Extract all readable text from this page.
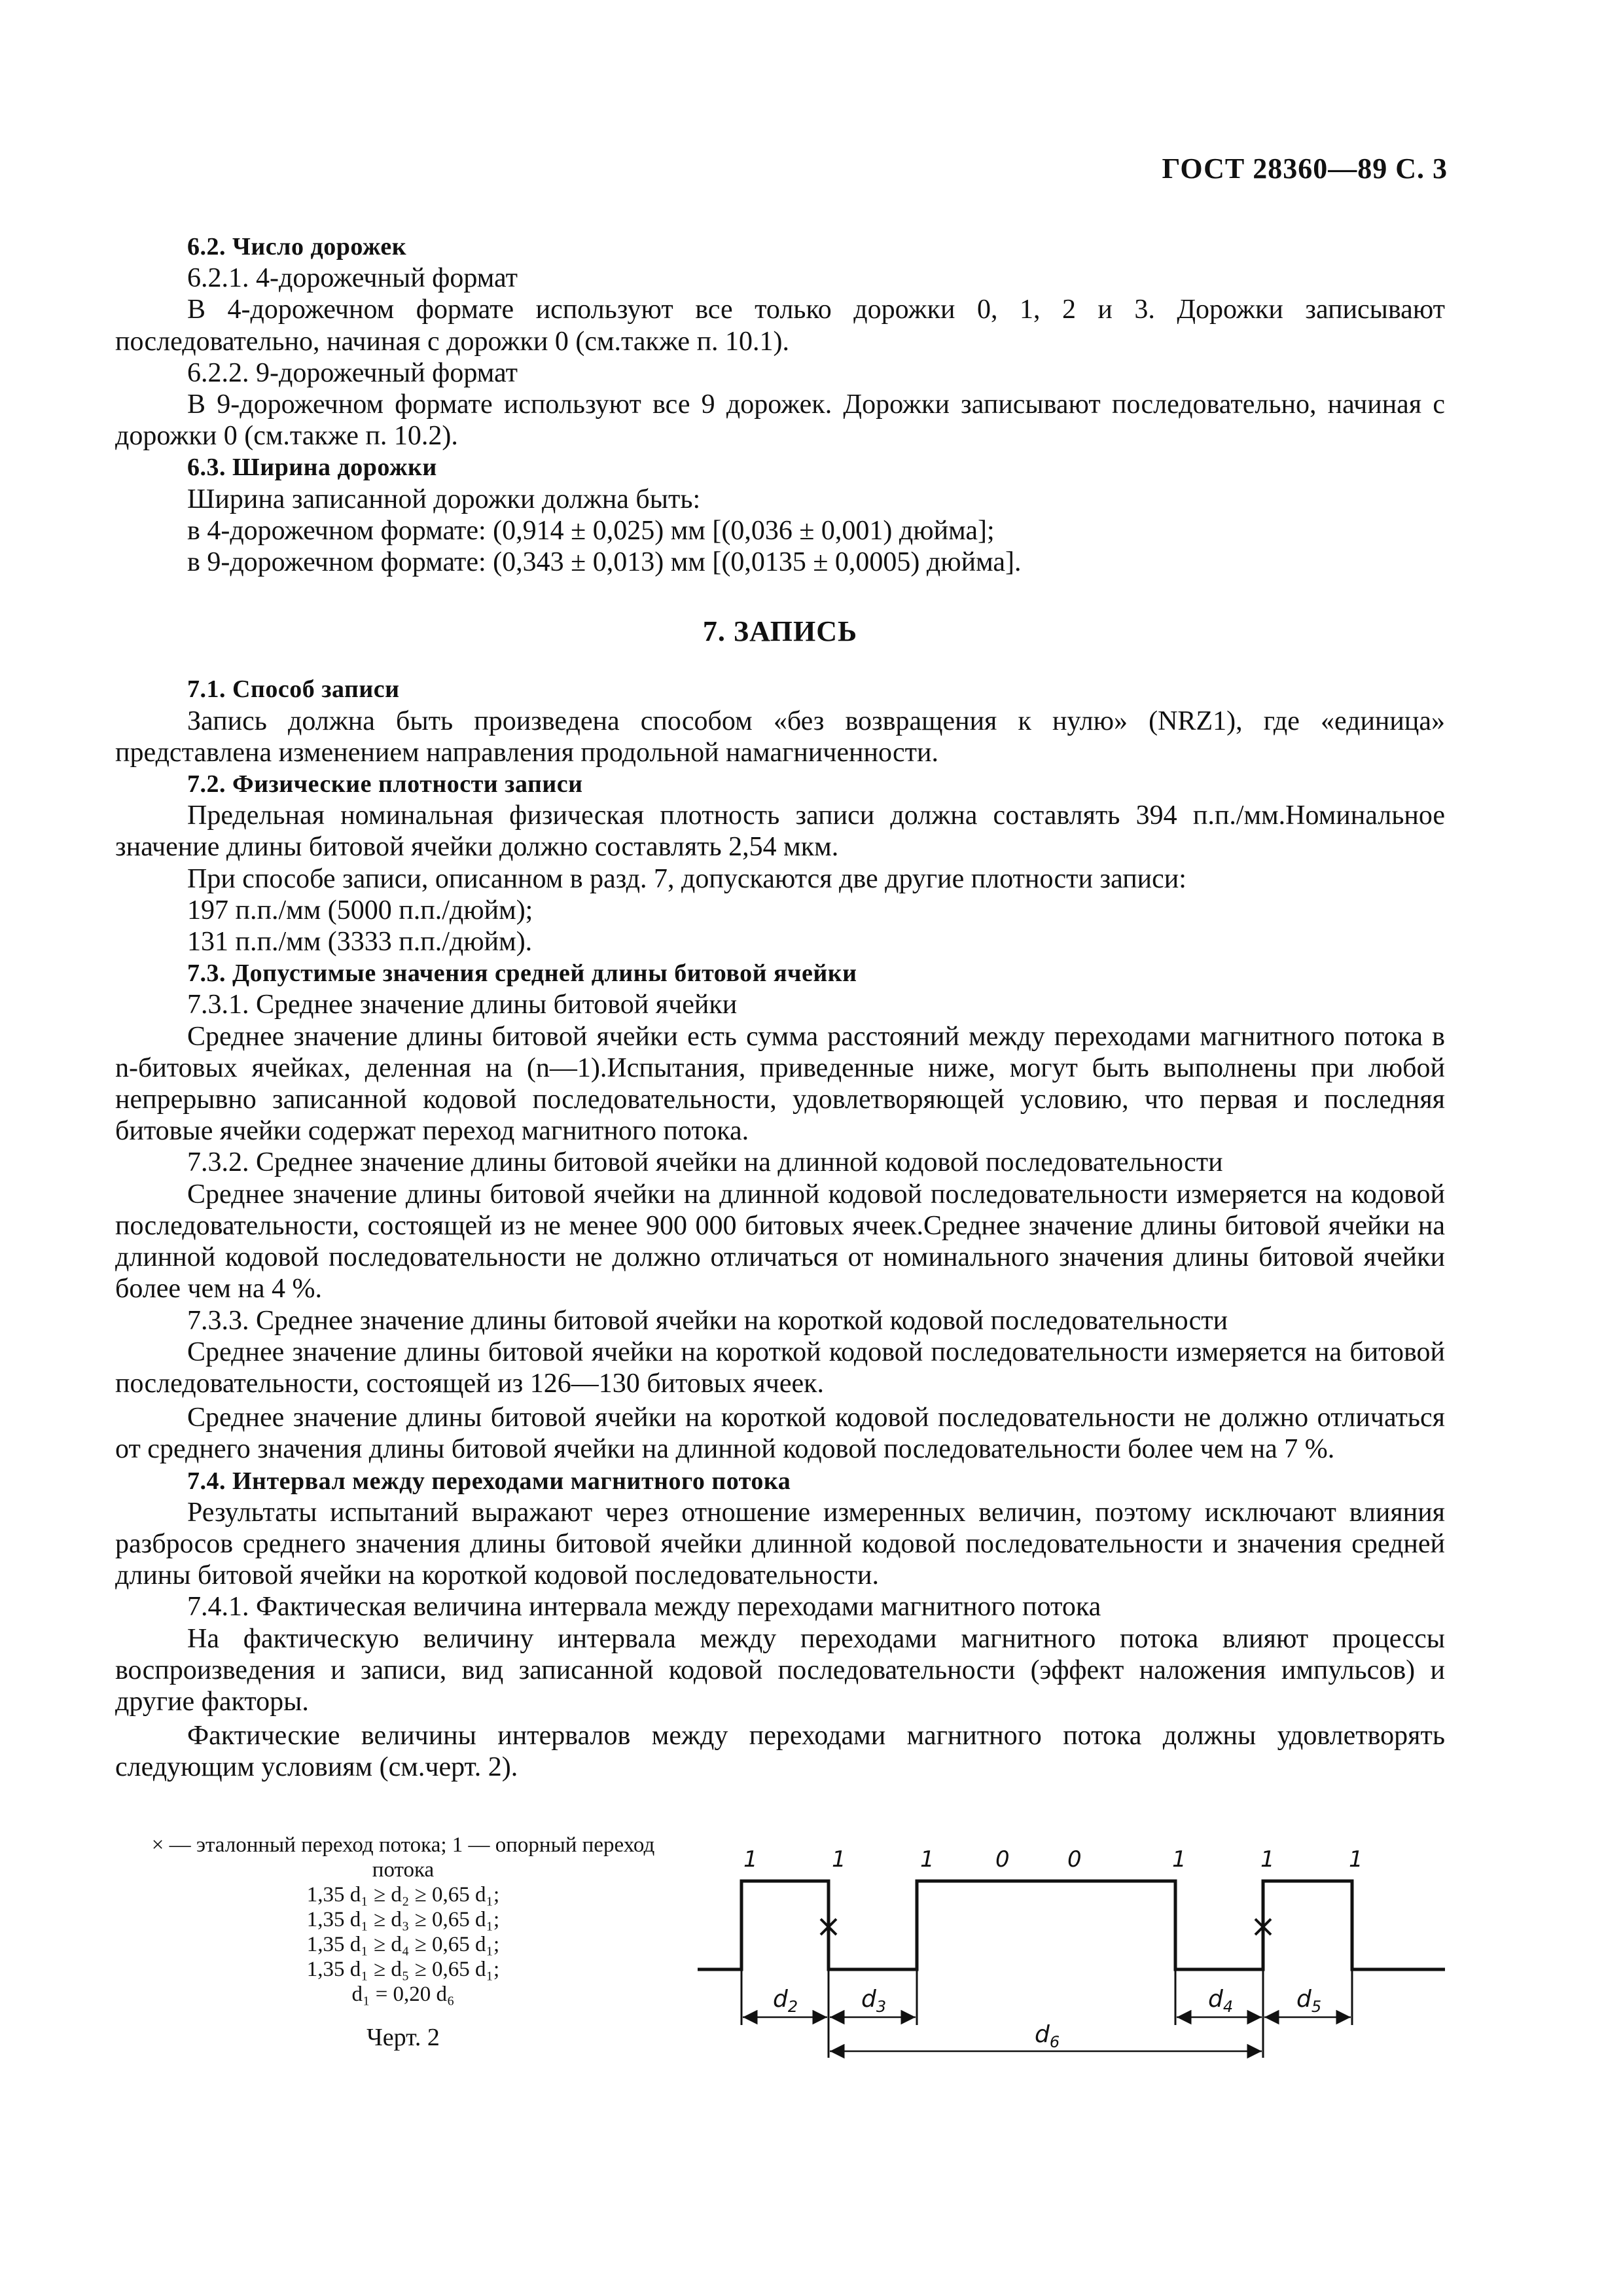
ГОСТ 28360—89 С. 3

6.2. Число дорожек

6.2.1. 4-дорожечный формат

В 4-дорожечном формате используют все только дорожки 0, 1, 2 и 3. Дорожки записывают последовательно, начиная с дорожки 0 (см.также п. 10.1).

6.2.2. 9-дорожечный формат

В 9-дорожечном формате используют все 9 дорожек. Дорожки записывают последовательно, начиная с дорожки 0 (см.также п. 10.2).

6.3. Ширина дорожки

Ширина записанной дорожки должна быть:

в 4-дорожечном формате: (0,914 ± 0,025) мм [(0,036 ± 0,001) дюйма];

в 9-дорожечном формате: (0,343 ± 0,013) мм [(0,0135 ± 0,0005) дюйма].

7. ЗАПИСЬ

7.1. Способ записи

Запись должна быть произведена способом «без возвращения к нулю» (NRZ1), где «единица» представлена изменением направления продольной намагниченности.

7.2. Физические плотности записи

Предельная номинальная физическая плотность записи должна составлять 394 п.п./мм.Номинальное значение длины битовой ячейки должно составлять 2,54 мкм.

При способе записи, описанном в разд. 7, допускаются две другие плотности записи:

197 п.п./мм (5000 п.п./дюйм);

131 п.п./мм (3333 п.п./дюйм).

7.3. Допустимые значения средней длины битовой ячейки

7.3.1. Среднее значение длины битовой ячейки

Среднее значение длины битовой ячейки есть сумма расстояний между переходами магнитного потока в n-битовых ячейках, деленная на (n—1).Испытания, приведенные ниже, могут быть выполнены при любой непрерывно записанной кодовой последовательности, удовлетворяющей условию, что первая и последняя битовые ячейки содержат переход магнитного потока.

7.3.2. Среднее значение длины битовой ячейки на длинной кодовой последовательности

Среднее значение длины битовой ячейки на длинной кодовой последовательности измеряется на кодовой последовательности, состоящей из не менее 900 000 битовых ячеек.Среднее значение длины битовой ячейки на длинной кодовой последовательности не должно отличаться от номинального значения длины битовой ячейки более чем на 4 %.

7.3.3. Среднее значение длины битовой ячейки на короткой кодовой последовательности

Среднее значение длины битовой ячейки на короткой кодовой последовательности измеряется на битовой последовательности, состоящей из 126—130 битовых ячеек.

Среднее значение длины битовой ячейки на короткой кодовой последовательности не должно отличаться от среднего значения длины битовой ячейки на длинной кодовой последовательности более чем на 7 %.

7.4. Интервал между переходами магнитного потока

Результаты испытаний выражают через отношение измеренных величин, поэтому исключают влияния разбросов среднего значения длины битовой ячейки длинной кодовой последовательности и значения средней длины битовой ячейки на короткой кодовой последовательности.

7.4.1. Фактическая величина интервала между переходами магнитного потока

На фактическую величину интервала между переходами магнитного потока влияют процессы воспроизведения и записи, вид записанной кодовой последовательности (эффект наложения импульсов) и другие факторы.

Фактические величины интервалов между переходами магнитного потока должны удовлетворять следующим условиям (см.черт. 2).

× — эталонный переход потока; 1 — опорный переход
потока
1,35 d₁ ≥ d₂ ≥ 0,65 d₁;
1,35 d₁ ≥ d₃ ≥ 0,65 d₁;
1,35 d₁ ≥ d₄ ≥ 0,65 d₁;
1,35 d₁ ≥ d₅ ≥ 0,65 d₁;
d₁ = 0,20 d₆
Черт. 2
1	1	1	0	0	1	1	1
$d_2$	$d_3$
$d_6$
$d_4$	$d_5$
